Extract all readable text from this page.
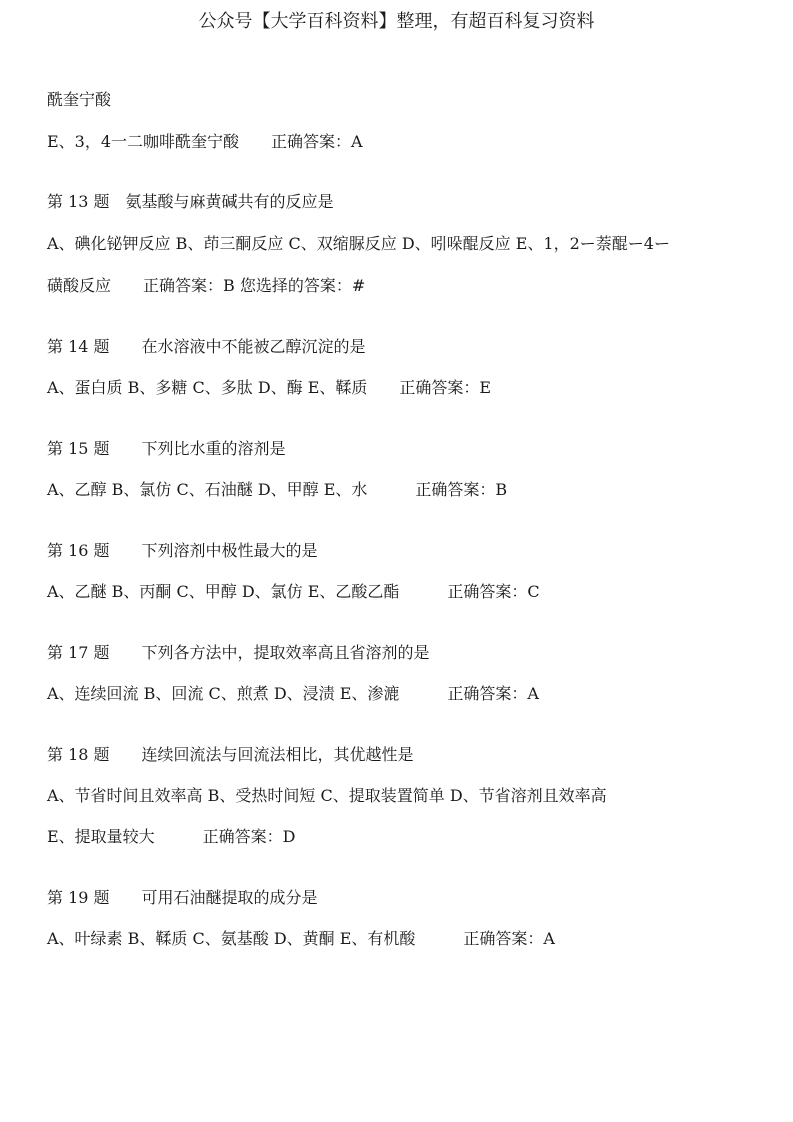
公众号【大学百科资料】整理，有超百科复习资料
酰奎宁酸
E、3，4一二咖啡酰奎宁酸　　正确答案：A
第 13 题　氨基酸与麻黄碱共有的反应是
A、碘化铋钾反应 B、茚三酮反应 C、双缩脲反应 D、吲哚醌反应 E、1，2ー萘醌ー4ー
磺酸反应　　正确答案：B 您选择的答案：#
第 14 题　　在水溶液中不能被乙醇沉淀的是
A、蛋白质 B、多糖 C、多肽 D、酶 E、鞣质　　正确答案：E
第 15 题　　下列比水重的溶剂是
A、乙醇 B、氯仿 C、石油醚 D、甲醇 E、水　　　正确答案：B
第 16 题　　下列溶剂中极性最大的是
A、乙醚 B、丙酮 C、甲醇 D、氯仿 E、乙酸乙酯　　　正确答案：C
第 17 题　　下列各方法中，提取效率高且省溶剂的是
A、连续回流 B、回流 C、煎煮 D、浸渍 E、渗漉　　　正确答案：A
第 18 题　　连续回流法与回流法相比，其优越性是
A、节省时间且效率高 B、受热时间短 C、提取装置简单 D、节省溶剂且效率高
E、提取量较大　　　正确答案：D
第 19 题　　可用石油醚提取的成分是
A、叶绿素 B、鞣质 C、氨基酸 D、黄酮 E、有机酸　　　正确答案：A
